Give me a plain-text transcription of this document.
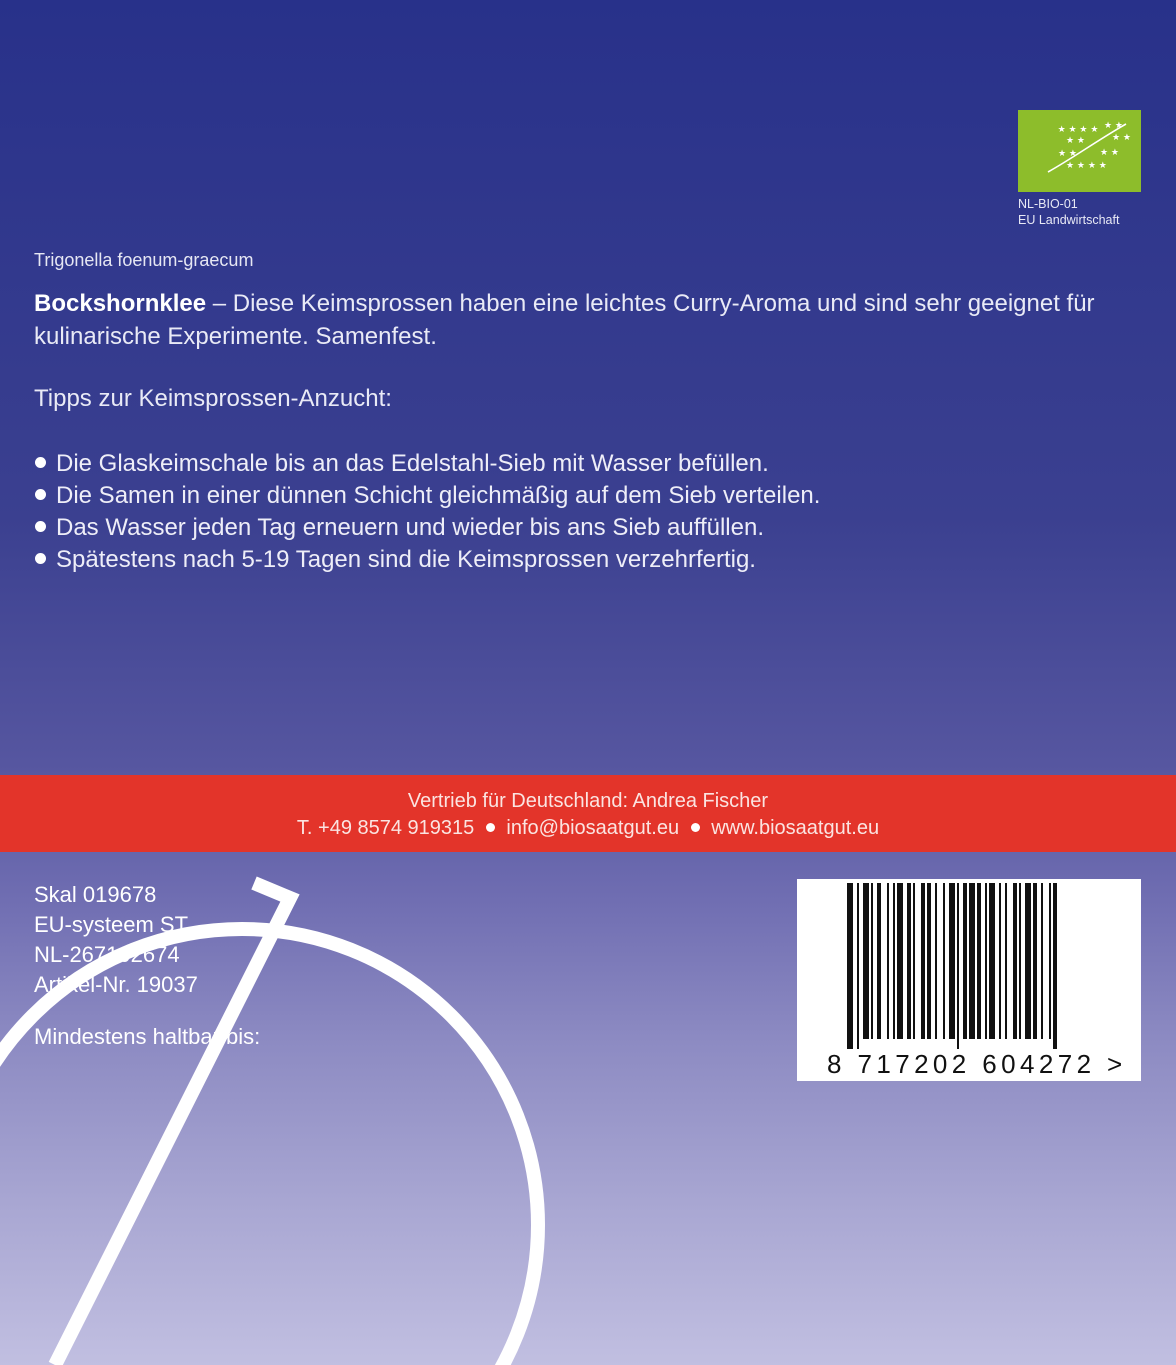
★ ★ ★ ★ ★ ★
★ ★	★ ★
★ ★	★ ★
★ ★ ★ ★
NL-BIO-01
EU Landwirtschaft
Trigonella foenum-graecum

Bockshornklee – Diese Keimsprossen haben eine leichtes Curry-Aroma und sind sehr geeignet für kulinarische Experimente. Samenfest.

Tipps zur Keimsprossen-Anzucht:
Die Glaskeimschale bis an das Edelstahl-Sieb mit Wasser befüllen.
Die Samen in einer dünnen Schicht gleichmäßig auf dem Sieb verteilen.
Das Wasser jeden Tag erneuern und wieder bis ans Sieb auffüllen.
Spätestens nach 5-19 Tagen sind die Keimsprossen verzehrfertig.
Vertrieb für Deutschland: Andrea Fischer
T. +49 8574 919315 info@biosaatgut.eu www.biosaatgut.eu
Skal 019678
EU-systeem ST
NL-267102674
Artikel-Nr. 19037
Mindestens haltbar bis:
8 717202 604272 >
